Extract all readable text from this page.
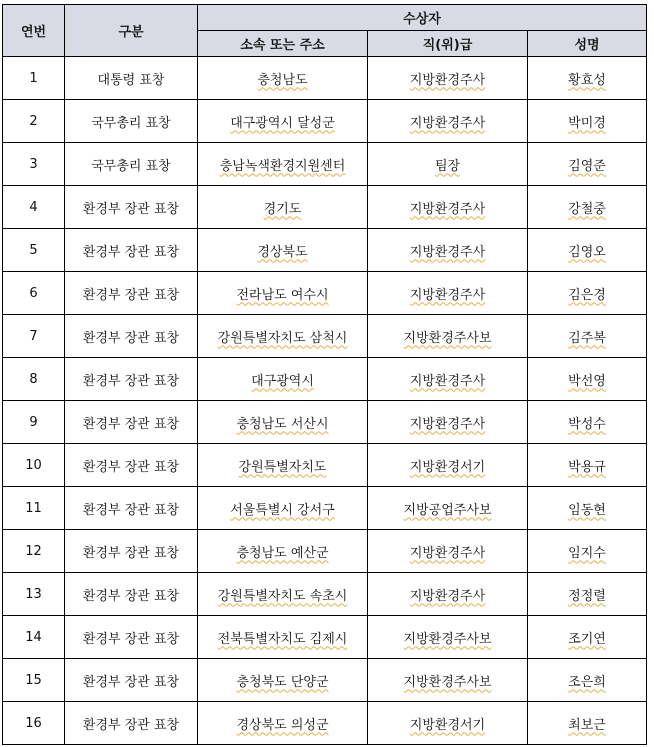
연번	구분	수상자		
		소속 또는 주소	직(위)급	성명
1	대통령 표창	충청남도	지방환경주사	황효성
2	국무총리 표창	대구광역시 달성군	지방환경주사	박미경
3	국무총리 표창	충남녹색환경지원센터	팀장	김영준
4	환경부 장관 표창	경기도	지방환경주사	강철중
5	환경부 장관 표창	경상북도	지방환경주사	김영오
6	환경부 장관 표창	전라남도 여수시	지방환경주사	김은경
7	환경부 장관 표창	강원특별자치도 삼척시	지방환경주사보	김주복
8	환경부 장관 표창	대구광역시	지방환경주사	박선영
9	환경부 장관 표창	충청남도 서산시	지방환경주사	박성수
10	환경부 장관 표창	강원특별자치도	지방환경서기	박용규
11	환경부 장관 표창	서울특별시 강서구	지방공업주사보	임동현
12	환경부 장관 표창	충청남도 예산군	지방환경주사	임지수
13	환경부 장관 표창	강원특별자치도 속초시	지방환경주사	정정렬
14	환경부 장관 표창	전북특별자치도 김제시	지방환경주사보	조기연
15	환경부 장관 표창	충청북도 단양군	지방환경주사보	조은희
16	환경부 장관 표창	경상북도 의성군	지방환경서기	최보근
